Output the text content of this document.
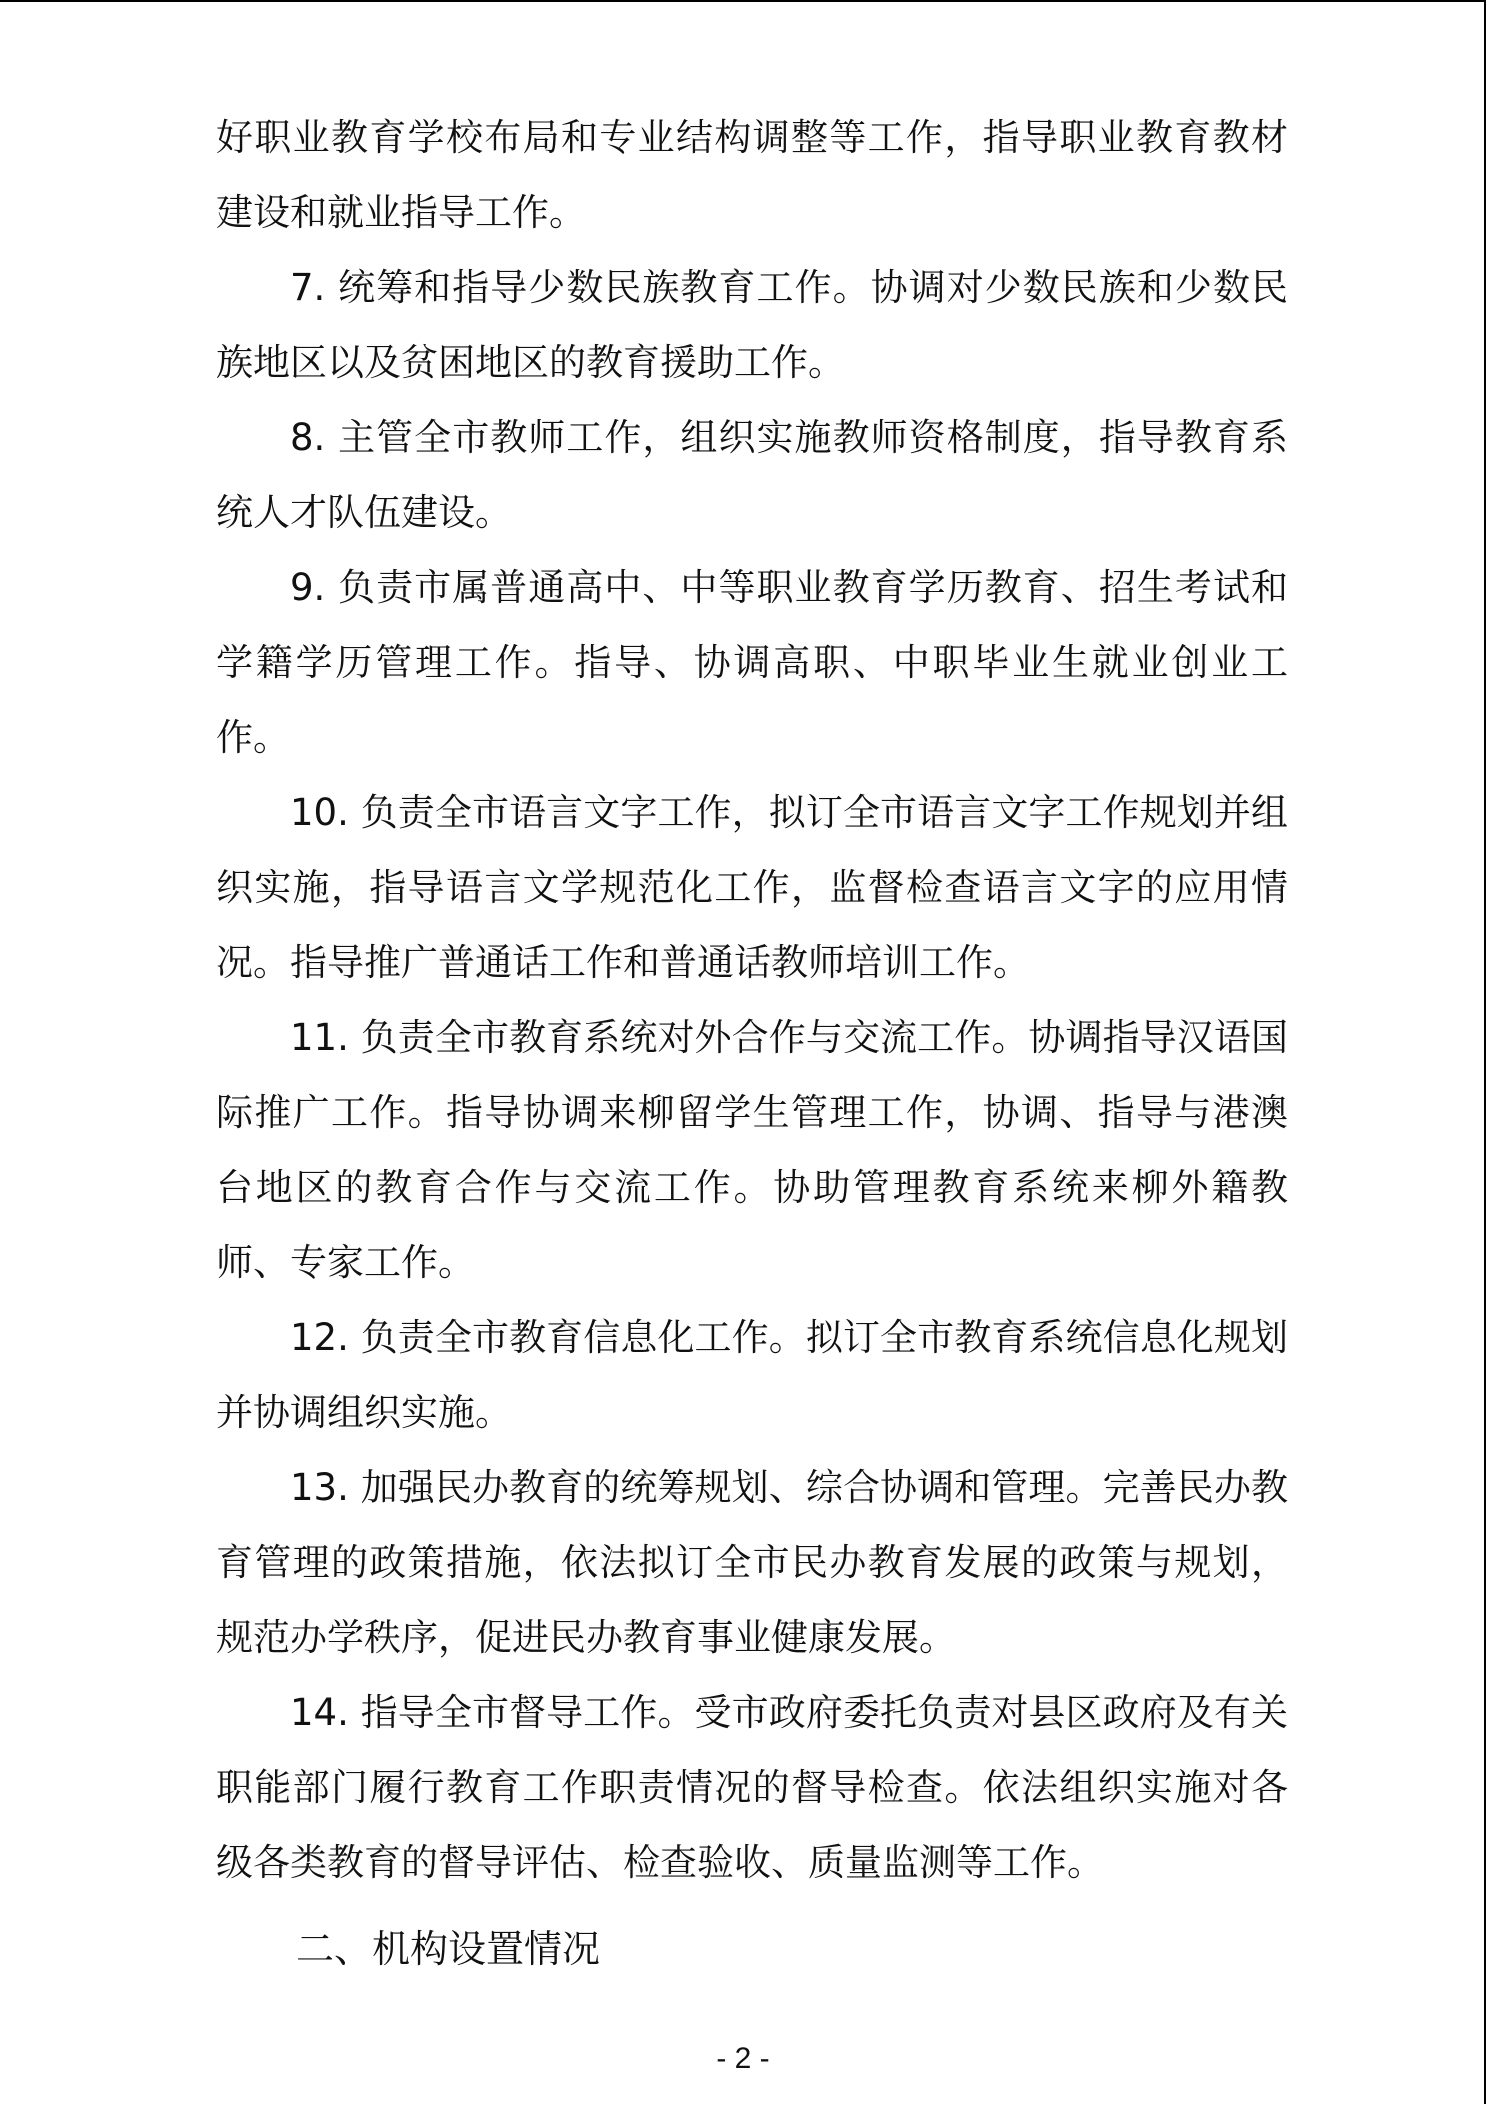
好职业教育学校布局和专业结构调整等工作，指导职业教育教材建设和就业指导工作。

7. 统筹和指导少数民族教育工作。协调对少数民族和少数民族地区以及贫困地区的教育援助工作。

8. 主管全市教师工作，组织实施教师资格制度，指导教育系统人才队伍建设。

9. 负责市属普通高中、中等职业教育学历教育、招生考试和学籍学历管理工作。指导、协调高职、中职毕业生就业创业工作。

10. 负责全市语言文字工作，拟订全市语言文字工作规划并组织实施，指导语言文学规范化工作，监督检查语言文字的应用情况。指导推广普通话工作和普通话教师培训工作。

11. 负责全市教育系统对外合作与交流工作。协调指导汉语国际推广工作。指导协调来柳留学生管理工作，协调、指导与港澳台地区的教育合作与交流工作。协助管理教育系统来柳外籍教师、专家工作。

12. 负责全市教育信息化工作。拟订全市教育系统信息化规划并协调组织实施。

13. 加强民办教育的统筹规划、综合协调和管理。完善民办教育管理的政策措施，依法拟订全市民办教育发展的政策与规划，规范办学秩序，促进民办教育事业健康发展。

14. 指导全市督导工作。受市政府委托负责对县区政府及有关职能部门履行教育工作职责情况的督导检查。依法组织实施对各级各类教育的督导评估、检查验收、质量监测等工作。

二、机构设置情况

- 2 -
